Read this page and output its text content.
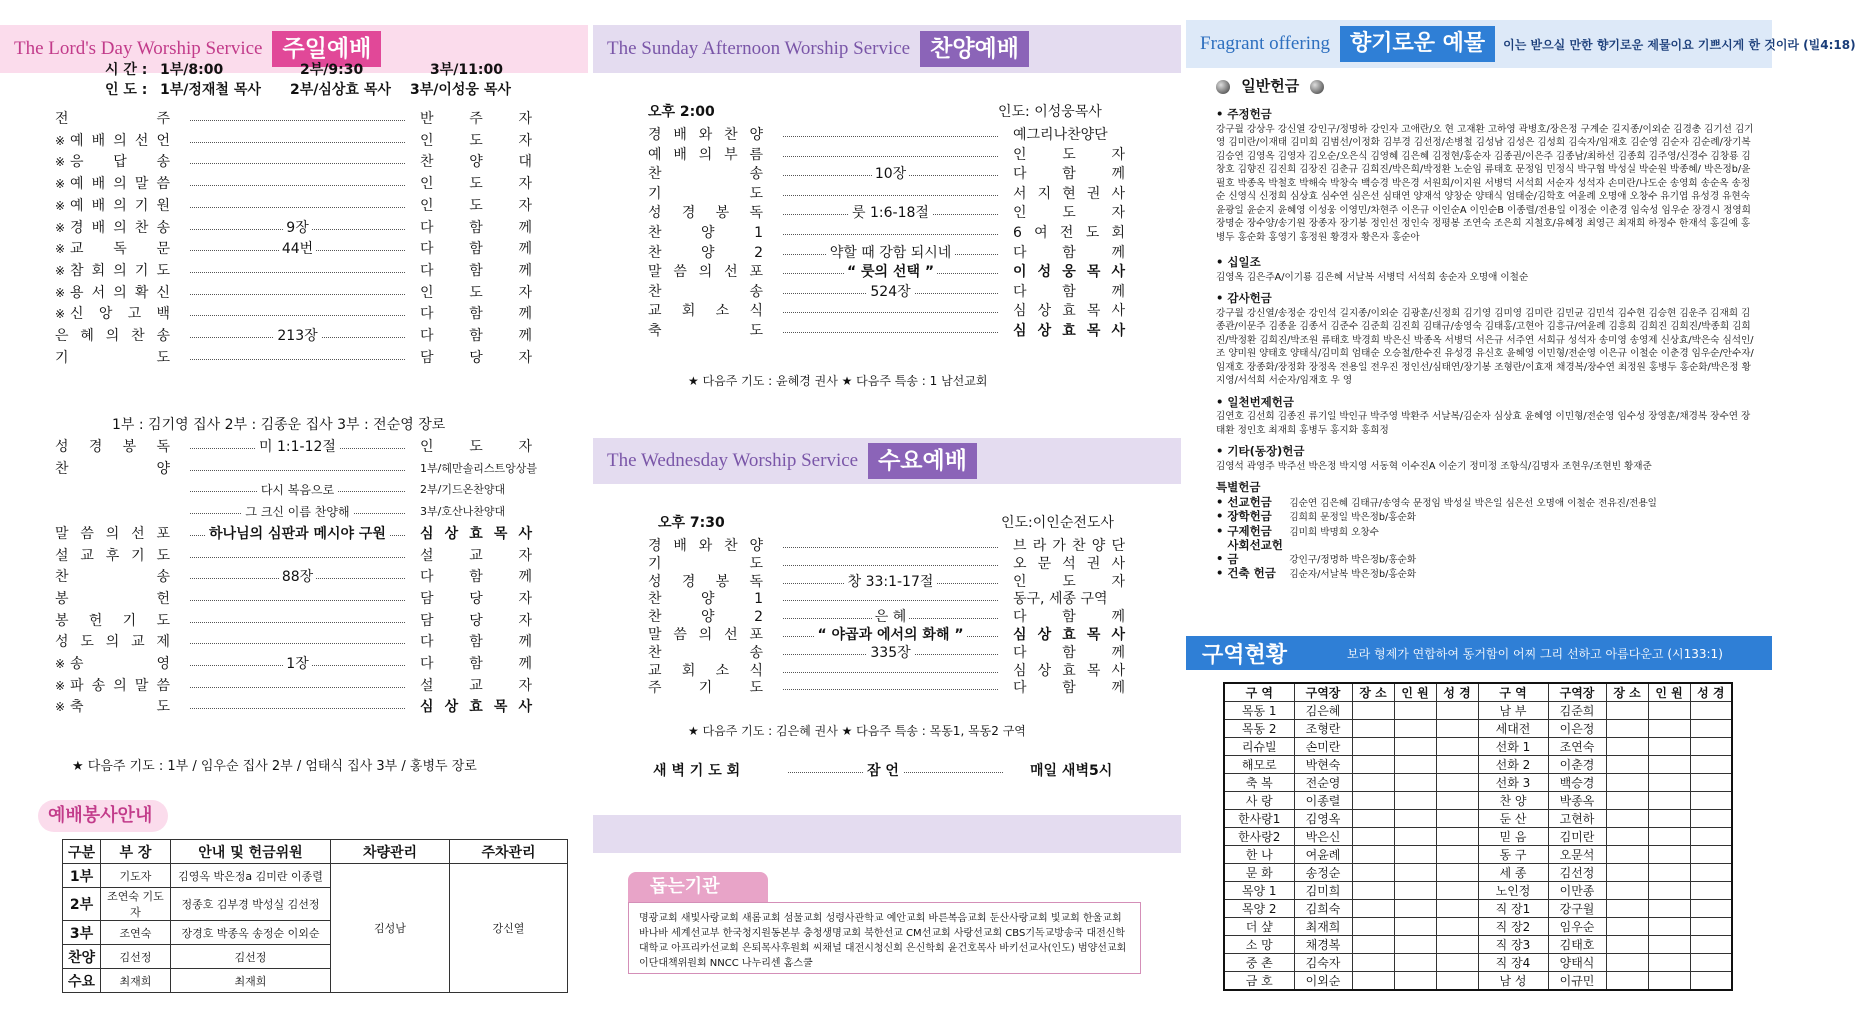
The Lord's Day Worship Service 주일예배
시 간 : 1부/8:00	2부/9:30	3부/11:00
인 도 : 1부/정재철 목사 2부/심상효 목사 3부/이성웅 목사
전	주	반	주	자
※ 예 배 의 선 언	인	도	자
※ 응 답 송	찬	양	대
※ 예 배 의 말 씀	인	도	자
※ 예 배 의 기 원	인	도	자
※ 경 배 의 찬 송	9장	다	함	께
※ 교 독 문	44번	다	함	께
※ 참 회 의 기 도	다	함	께
※ 용 서 의 확 신	인	도	자
※ 신 앙 고 백	다	함	께
은 혜 의 찬 송	213장	다	함	께
기	도	담	당	자
1부 : 김기영 집사 2부 : 김종운 집사 3부 : 전순영 장로
성 경 봉 독	미 1:1-12절	인	도	자
찬	양	1부/헤만솔리스트앙상블
다시 복음으로	2부/기드온찬양대
그 크신 이름 찬양해	3부/호산나찬양대
말 씀 의 선 포	하나님의 심판과 메시야 구원	심 상 효 목 사
설 교 후 기 도	설	교	자
찬	송	88장	다	함	께
봉	헌	담	당	자
봉 헌 기 도	담	당	자
성 도 의 교 제	다	함	께
※ 송	영	1장	다	함	께
※ 파 송 의 말 씀	설	교	자
※ 축	도	심 상 효 목 사
★ 다음주 기도 : 1부 / 임우순 집사 2부 / 엄태식 집사 3부 / 홍병두 장로
예배봉사안내
구분	부 장	안내 및 헌금위원	차량관리	주차관리
1부	기도자	김영옥 박은정a 김미란 이종렬	김성남	강신열
2부	조연숙 기도자	정종호 김부경 박성실 김선정		
3부	조연숙	장경호 박종옥 송정순 이외순		
찬양	김선정	김선정		
수요	최재희	최재희		
The Sunday Afternoon Worship Service 찬양예배
오후 2:00	인도: 이성웅목사
경 배 와 찬 양	예그리나찬양단
예 배 의 부 름	인	도	자
찬	송	10장	다	함	께
기	도	서 지 현 권 사
성 경 봉 독	룻 1:6-18절	인	도	자
찬	양	1	6 여 전 도 회
찬	양	2	약할 때 강함 되시네	다	함	께
말 씀 의 선 포	“ 룻의 선택 ”	이 성 웅 목 사
찬	송	524장	다	함	께
교 회 소 식	심 상 효 목 사
축	도	심 상 효 목 사
★ 다음주 기도 : 윤혜경 권사 ★ 다음주 특송 : 1 남선교회
The Wednesday Worship Service 수요예배
오후 7:30	인도:이인순전도사
경 배 와 찬 양	브 라 가 찬 양 단
기	도	오 문 석 권 사
성 경 봉 독	창 33:1-17절	인	도	자
찬	양	1	동구, 세종 구역
찬	양	2	은 혜	다	함	께
말 씀 의 선 포	“ 야곱과 에서의 화해 ”	심 상 효 목 사
찬	송	335장	다	함	께
교 회 소 식	심 상 효 목 사
주	기	도	다	함	께
★ 다음주 기도 : 김은혜 권사 ★ 다음주 특송 : 목동1, 목동2 구역
새 벽 기 도 회	잠 언	매일 새벽5시
돕는기관
명광교회 새빛사랑교회 새롬교회 섬물교회 성령사관학교 예안교회 바른복음교회 둔산사랑교회 빛교회 한울교회 바나바 세계선교부 한국청지원동본부 충청생명교회 북한선교 CM선교회 사랑선교회 CBS기독교방송국 대전신학대학교 아프리카선교회 은퇴목사후원회 씨채널 대전시청신회 은신학회 윤건호목사 바키선교사(인도) 범양선교회 이단대책위원회 NNCC 나누리센 홈스쿨
Fragrant offering 향기로운 예물	이는 받으실 만한 향기로운 제물이요 기쁘시게 한 것이라 (빌4:18)
일반헌금
• 주정헌금
강구월 강상우 강신열 강인구/정명하 강인자 고애란/오 현 고재환 고하영 곽병호/장은정 구계순 길지종/이외순 김경총 김기선 김기영 김미란/이재태 김미희 김범선/이정화 김부경 김선정/손병철 김성남 김성은 김성희 김숙자/임재호 김순영 김순자 김순례/장기복 김승연 김영옥 김영자 김오순/오은식 김영혜 김은혜 김정현/홍순자 김종권/이은주 김종남/최하선 김종희 김주영/신경수 김창룡 김창호 김향진 김진희 김장진 김춘규 김희진/박은희/박정환 노순임 류태호 문정임 민정식 박구협 박성실 박순원 박종혜/ 박은정b/윤필호 박종옥 박철호 박해숙 박창숙 백승경 박은경 서원희/이지원 서병덕 서석희 서순자 성석자 손미란/나도순 송영희 송순옥 송정순 신영식 신정희 심상효 심수연 심은선 심태연 양재석 양창순 양태식 엄태순/김학호 여윤례 오명애 오창수 유기엽 유성경 유현숙 윤광일 윤순지 윤혜영 이성웅 이영민/차현주 이은규 이인순A 이인순B 이종렬/전용일 이정순 이춘경 임숙성 임우순 장경시 정영희 장명순 장수양/송기원 장종자 장기봉 정인선 정인숙 정평봉 조연숙 조은희 지철호/유혜정 최영근 최재희 하정수 한재석 홍길예 홍병두 홍순화 홍영기 홍정원 황경자 황은자 홍순아
• 십일조
김영옥 김은주A/이기룡 김은혜 서날복 서병덕 서석희 송순자 오명애 이철순
• 감사헌금
강구월 강신열/송정순 강인석 길지종/이외순 김광훈/신정희 김기영 김미영 김미란 김민균 김민석 김수현 김승현 김운주 김재희 김종관/이문주 김종윤 김종서 김준수 김준희 김진희 김태규/송영숙 김태홍/고현아 김흥규/여윤례 김흥희 김희진 김희진/박종희 김희진/박정환 김희진/박조원 류태호 박경희 박은신 박종옥 서병덕 서은규 서주연 서희규 성석자 송미영 송영제 신상효/박은숙 심석인/조 양미원 양태호 양태식/김미희 엄태순 오승철/한수진 유성경 유신호 윤혜영 이민형/전순영 이은규 이철순 이춘경 임우순/안수자/임재호 장종화/장정화 장정옥 전용일 전우진 정인선/심태연/장기봉 조형란/이효재 채경복/장수연 최정원 홍병두 홍순화/박은정 황지영/서석희 서순자/임재호 우 영
• 일천번제헌금
김연호 김선희 김종진 류기일 박인규 박주영 박환주 서날복/김순자 심상효 윤혜영 이민형/전순영 임수성 장영훈/채경복 장수연 장태환 정인호 최재희 홍병두 홍지화 홍희정
• 기타(동장)헌금
김영석 곽영주 박주선 박은정 박지영 서동혁 이수진A 이순기 정미정 조항식/김명자 조현우/조현빈 황재준
특별헌금

• 선교헌금 김순연 김은혜 김태규/송영숙 문정임 박성실 박은일 심은선 오명애 이철순 전유진/전용일
• 장학헌금 김희희 문정일 박은정b/홍순화
• 구제헌금 김미희 박명희 오창수
• 사회선교헌금	강인구/정명하 박은정b/홍순화
• 건축 헌금 김순자/서날복 박은정b/홍순화
구역현황	보라 형제가 연합하여 동거함이 어찌 그리 선하고 아름다운고 (시133:1)
구 역	구역장	장 소	인 원	성 경	구 역	구역장	장 소	인 원	성 경
목동 1	김은혜				남 부	김준희			
목동 2	조형란				세대전	이은정			
리슈빌	손미란				선화 1	조연숙			
해모로	박현숙				선화 2	이춘경			
축 복	전순영				선화 3	백승경			
사 랑	이종렬				찬 양	박종옥			
한사랑1	김영옥				둔 산	고현하			
한사랑2	박은신				믿 음	김미란			
한 나	여윤례				동 구	오문석			
문 화	송정순				세 종	김선정			
목양 1	김미희				노인정	이만종			
목양 2	김희숙				직 장1	강구월			
더 샾	최재희				직 장2	임우순			
소 망	채경복				직 장3	김태호			
중 촌	김숙자				직 장4	양태식			
금 호	이외순				남 성	이규민			
